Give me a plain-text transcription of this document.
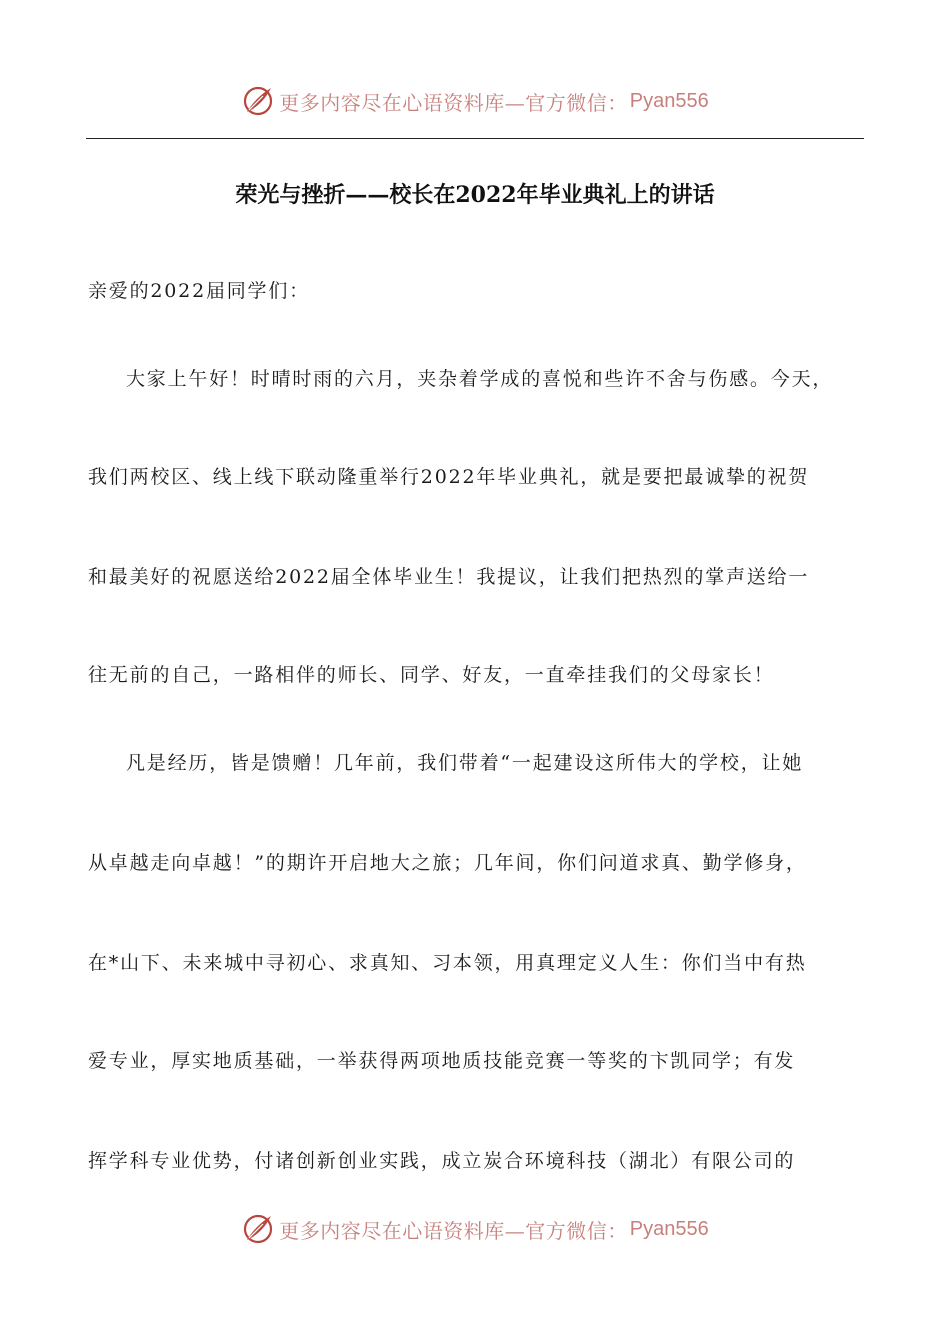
更多内容尽在心语资料库—官方微信： Pyan556
荣光与挫折——校长在2022年毕业典礼上的讲话
亲爱的2022届同学们：
大家上午好！时晴时雨的六月，夹杂着学成的喜悦和些许不舍与伤感。今天，
我们两校区、线上线下联动隆重举行2022年毕业典礼，就是要把最诚挚的祝贺
和最美好的祝愿送给2022届全体毕业生！我提议，让我们把热烈的掌声送给一
往无前的自己，一路相伴的师长、同学、好友，一直牵挂我们的父母家长！
凡是经历，皆是馈赠！几年前，我们带着“一起建设这所伟大的学校，让她
从卓越走向卓越！”的期许开启地大之旅；几年间，你们问道求真、勤学修身，
在*山下、未来城中寻初心、求真知、习本领，用真理定义人生：你们当中有热
爱专业，厚实地质基础，一举获得两项地质技能竞赛一等奖的卞凯同学；有发
挥学科专业优势，付诸创新创业实践，成立炭合环境科技（湖北）有限公司的
更多内容尽在心语资料库—官方微信： Pyan556
